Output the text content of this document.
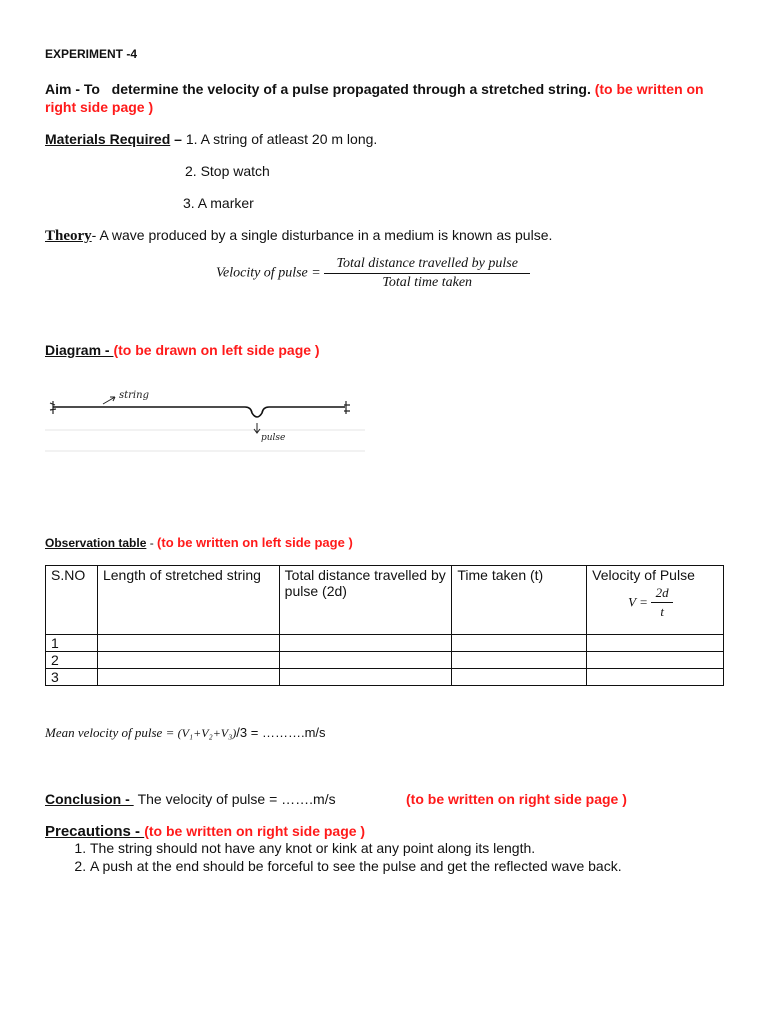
EXPERIMENT -4
Aim - To determine the velocity of a pulse propagated through a stretched string. (to be written on
right side page )
Materials Required – 1. A string of atleast 20 m long.
2. Stop watch
3. A marker
Theory- A wave produced by a single disturbance in a medium is known as pulse.
Velocity of pulse = $\frac{\text{Total distance travelled by pulse}}{\text{Total time taken}}$
Diagram - (to be drawn on left side page )
string
pulse
Observation table - (to be written on left side page )
S.NO	Length of stretched string	Total distance travelled by pulse (2d)	Time taken (t)	Velocity of Pulse
$V = \frac{2d}{t}$

1				
2				
3				
Mean velocity of pulse = (V₁+V₂+V₃)/3 = ……….m/s
Conclusion -  The velocity of pulse = …….m/s	(to be written on right side page )
Precautions - (to be written on right side page )
1. The string should not have any knot or kink at any point along its length.
2. A push at the end should be forceful to see the pulse and get the reflected wave back.
